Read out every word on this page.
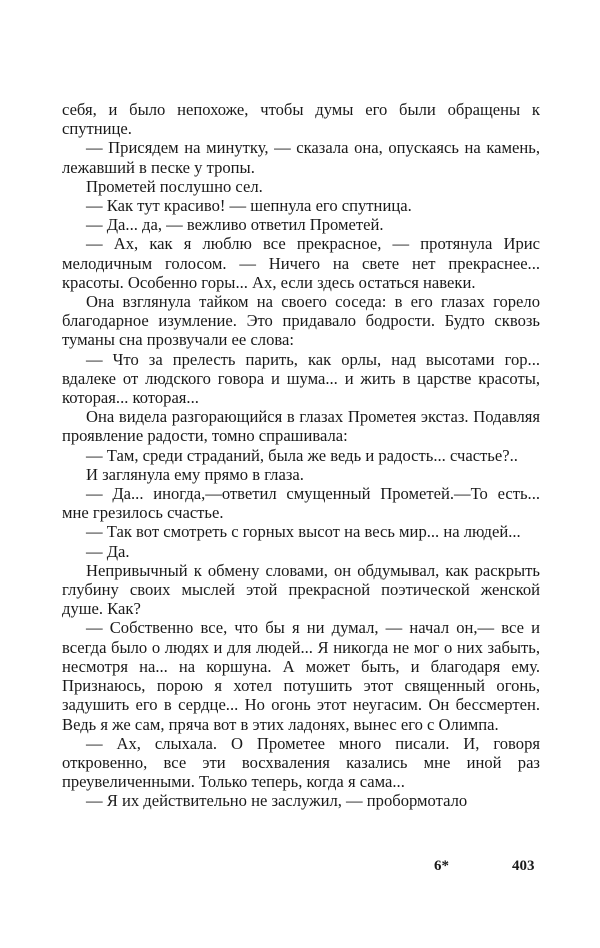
себя, и было непохоже, чтобы думы его были обращены к спутнице.

— Присядем на минутку, — сказала она, опускаясь на камень, лежавший в песке у тропы.

Прометей послушно сел.

— Как тут красиво! — шепнула его спутница.

— Да... да, — вежливо ответил Прометей.

— Ах, как я люблю все прекрасное, — протянула Ирис мелодичным голосом. — Ничего на свете нет прекраснее... красоты. Особенно горы... Ах, если здесь остаться навеки.

Она взглянула тайком на своего соседа: в его глазах горело благодарное изумление. Это придавало бодрости. Будто сквозь туманы сна прозвучали ее слова:

— Что за прелесть парить, как орлы, над высотами гор... вдалеке от людского говора и шума... и жить в царстве красоты, которая... которая...

Она видела разгорающийся в глазах Прометея экстаз. Подавляя проявление радости, томно спрашивала:

— Там, среди страданий, была же ведь и радость... счастье?..

И заглянула ему прямо в глаза.

— Да... иногда,—ответил смущенный Прометей.—То есть... мне грезилось счастье.

— Так вот смотреть с горных высот на весь мир... на людей...

— Да.

Непривычный к обмену словами, он обдумывал, как раскрыть глубину своих мыслей этой прекрасной поэтической женской душе. Как?

— Собственно все, что бы я ни думал, — начал он,— все и всегда было о людях и для людей... Я никогда не мог о них забыть, несмотря на... на коршуна. А может быть, и благодаря ему. Признаюсь, порою я хотел потушить этот священный огонь, задушить его в сердце... Но огонь этот неугасим. Он бессмертен. Ведь я же сам, пряча вот в этих ладонях, вынес его с Олимпа.

— Ах, слыхала. О Прометее много писали. И, говоря откровенно, все эти восхваления казались мне иной раз преувеличенными. Только теперь, когда я сама...

— Я их действительно не заслужил, — пробормотало

6*	403
